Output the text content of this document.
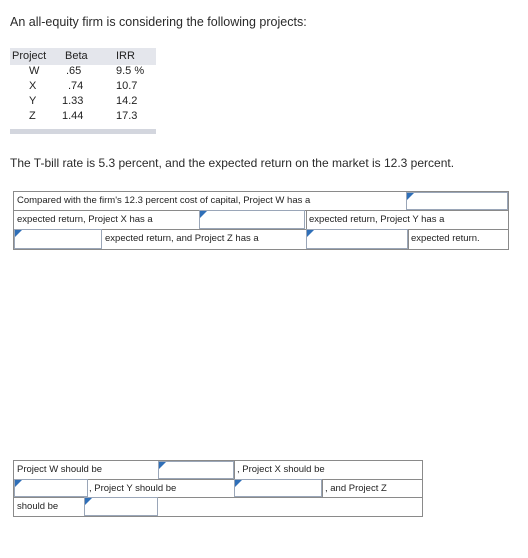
An all-equity firm is considering the following projects:
Project Beta	IRR
W .65	9.5 %
X	.74	10.7
Y 1.33	14.2
Z 1.44	17.3
The T-bill rate is 5.3 percent, and the expected return on the market is 12.3 percent.
Compared with the firm's 12.3 percent cost of capital, Project W has a
expected return, Project X has a	expected return, Project Y has a
expected return, and Project Z has a	expected return.
Project W should be	, Project X should be
, Project Y should be	, and Project Z
should be
